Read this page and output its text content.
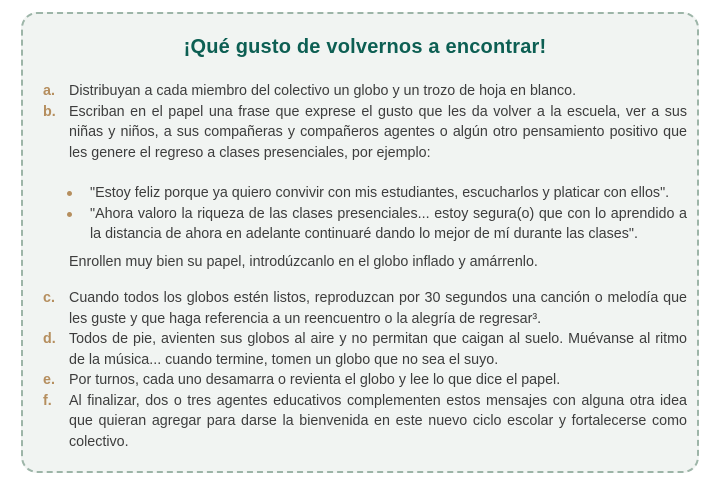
¡Qué gusto de volvernos a encontrar!
a. Distribuyan a cada miembro del colectivo un globo y un trozo de hoja en blanco.

b. Escriban en el papel una frase que exprese el gusto que les da volver a la escuela, ver a sus niñas y niños, a sus compañeras y compañeros agentes o algún otro pensamiento positivo que les genere el regreso a clases presenciales, por ejemplo:

"Estoy feliz porque ya quiero convivir con mis estudiantes, escucharlos y platicar con ellos".

"Ahora valoro la riqueza de las clases presenciales... estoy segura(o) que con lo aprendido a la distancia de ahora en adelante continuaré dando lo mejor de mí durante las clases".

Enrollen muy bien su papel, introdúzcanlo en el globo inflado y amárrenlo.

c. Cuando todos los globos estén listos, reproduzcan por 30 segundos una canción o melodía que les guste y que haga referencia a un reencuentro o la alegría de regresar³.

d. Todos de pie, avienten sus globos al aire y no permitan que caigan al suelo. Muévanse al ritmo de la música... cuando termine, tomen un globo que no sea el suyo.

e. Por turnos, cada uno desamarra o revienta el globo y lee lo que dice el papel.

f.	Al finalizar, dos o tres agentes educativos complementen estos mensajes con alguna otra idea que quieran agregar para darse la bienvenida en este nuevo ciclo escolar y fortalecerse como colectivo.
